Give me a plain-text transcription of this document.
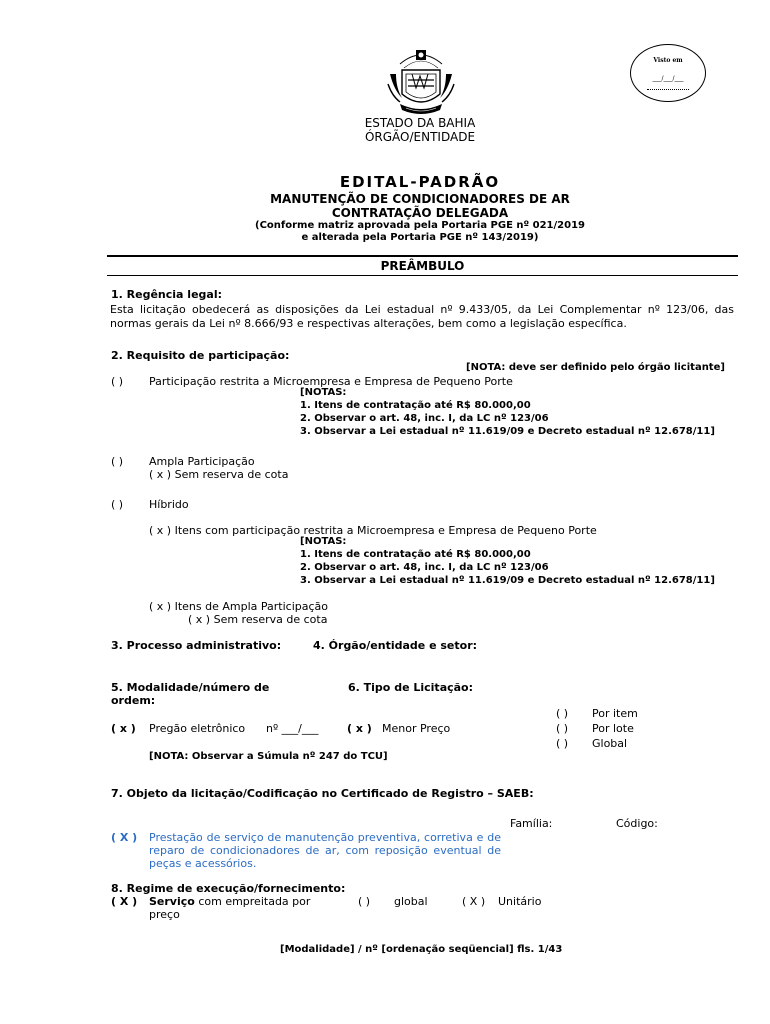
Visto em
___/___/___
ESTADO DA BAHIA
ÓRGÃO/ENTIDADE
EDITAL-PADRÃO
MANUTENÇÃO DE CONDICIONADORES DE AR
CONTRATAÇÃO DELEGADA
(Conforme matriz aprovada pela Portaria PGE nº 021/2019
e alterada pela Portaria PGE nº 143/2019)
PREÂMBULO
1. Regência legal:
Esta licitação obedecerá as disposições da Lei estadual nº 9.433/05, da Lei Complementar nº 123/06, das normas gerais da Lei nº 8.666/93 e respectivas alterações, bem como a legislação específica.
2. Requisito de participação:
[NOTA: deve ser definido pelo órgão licitante]
( ) Participação restrita a Microempresa e Empresa de Pequeno Porte
[NOTAS:
1. Itens de contratação até R$ 80.000,00
2. Observar o art. 48, inc. I, da LC nº 123/06
3. Observar a Lei estadual nº 11.619/09 e Decreto estadual nº 12.678/11]
( ) Ampla Participação
( x ) Sem reserva de cota
( ) Híbrido
( x ) Itens com participação restrita a Microempresa e Empresa de Pequeno Porte
[NOTAS:
1. Itens de contratação até R$ 80.000,00
2. Observar o art. 48, inc. I, da LC nº 123/06
3. Observar a Lei estadual nº 11.619/09 e Decreto estadual nº 12.678/11]
( x ) Itens de Ampla Participação
( x ) Sem reserva de cota
3. Processo administrativo:	4. Órgão/entidade e setor:
5. Modalidade/número de
ordem:
( x ) Pregão eletrônico nº ___/___
[NOTA: Observar a Súmula nº 247 do TCU]
6. Tipo de Licitação:
( x ) Menor Preço
( ) Por item
( ) Por lote
( ) Global
7. Objeto da licitação/Codificação no Certificado de Registro – SAEB:
Família:	Código:
( X ) Prestação de serviço de manutenção preventiva, corretiva e de reparo de condicionadores de ar, com reposição eventual de peças e acessórios.
8. Regime de execução/fornecimento:
( X ) Serviço com empreitada por
preço
( ) global	( X ) Unitário
[Modalidade] / nº [ordenação seqüencial] fls. 1/43
